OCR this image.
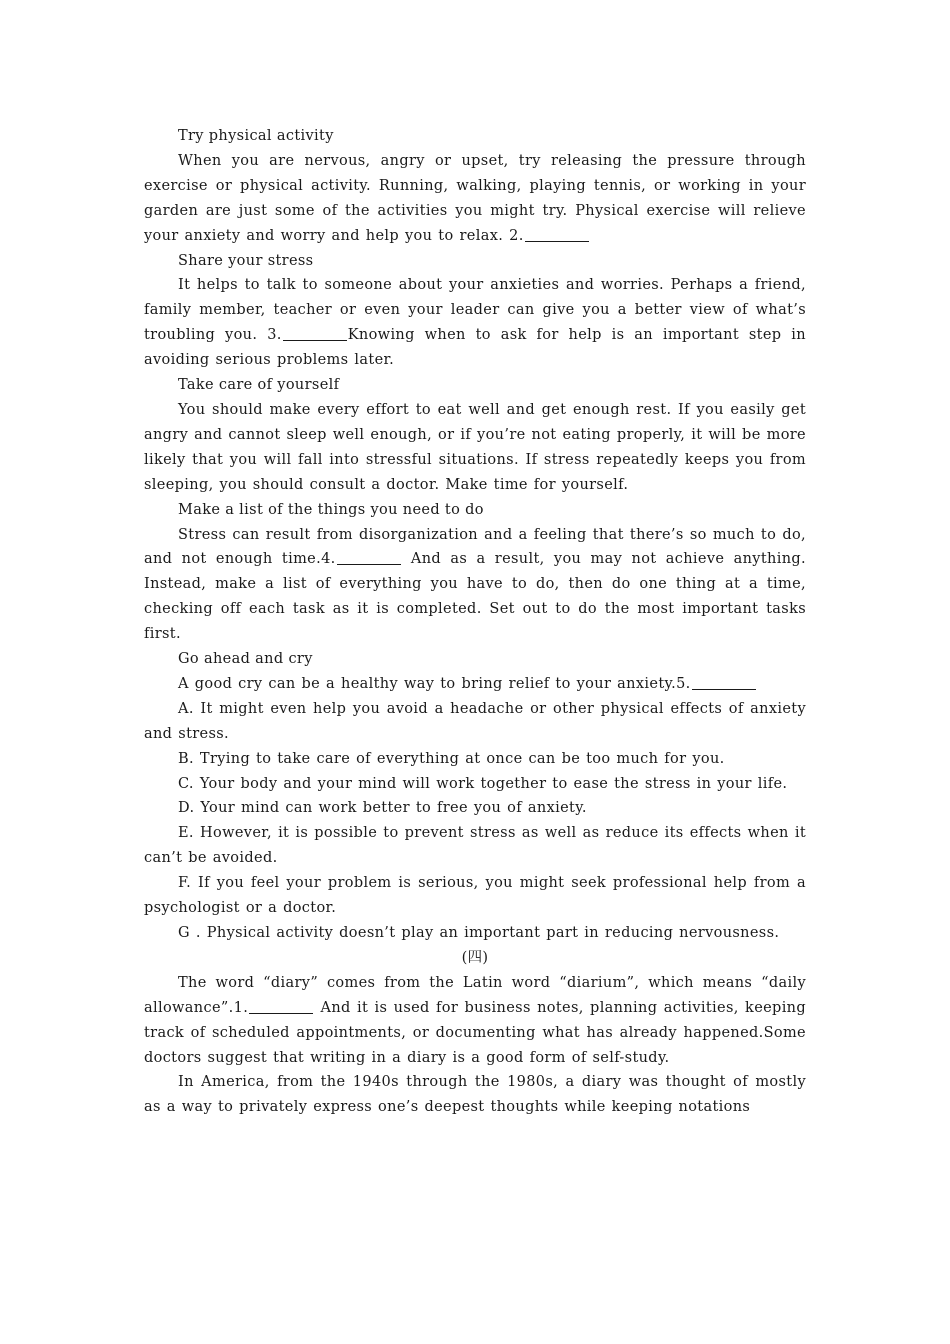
Try physical activity

When you are nervous, angry or upset, try releasing the pressure through exercise or physical activity. Running, walking, playing tennis, or working in your garden are just some of the activities you might try. Physical exercise will relieve your anxiety and worry and help you to relax. 2.

Share your stress

It helps to talk to someone about your anxieties and worries. Perhaps a friend, family member, teacher or even your leader can give you a better view of what’s troubling you. 3.	Knowing when to ask for help is an important step in avoiding serious problems later.

Take care of yourself

You should make every effort to eat well and get enough rest. If you easily get angry and cannot sleep well enough, or if you’re not eating properly, it will be more likely that you will fall into stressful situations. If stress repeatedly keeps you from sleeping, you should consult a doctor. Make time for yourself.

Make a list of the things you need to do

Stress can result from disorganization and a feeling that there’s so much to do, and not enough time.4.	And as a result, you may not achieve anything. Instead, make a list of everything you have to do, then do one thing at a time, checking off each task as it is completed. Set out to do the most important tasks first.

Go ahead and cry

A good cry can be a healthy way to bring relief to your anxiety.5.

A. It might even help you avoid a headache or other physical effects of anxiety and stress.

B. Trying to take care of everything at once can be too much for you.

C. Your body and your mind will work together to ease the stress in your life.

D. Your mind can work better to free you of anxiety.

E. However, it is possible to prevent stress as well as reduce its effects when it can’t be avoided.

F. If you feel your problem is serious, you might seek professional help from a psychologist or a doctor.

G . Physical activity doesn’t play an important part in reducing nervousness.

(四)

The word “diary” comes from the Latin word “diarium”, which means “daily allowance”.1.	And it is used for business notes, planning activities, keeping track of scheduled appointments, or documenting what has already happened.Some doctors suggest that writing in a diary is a good form of self-study.

In America, from the 1940s through the 1980s, a diary was thought of mostly as a way to privately express one’s deepest thoughts while keeping notations
